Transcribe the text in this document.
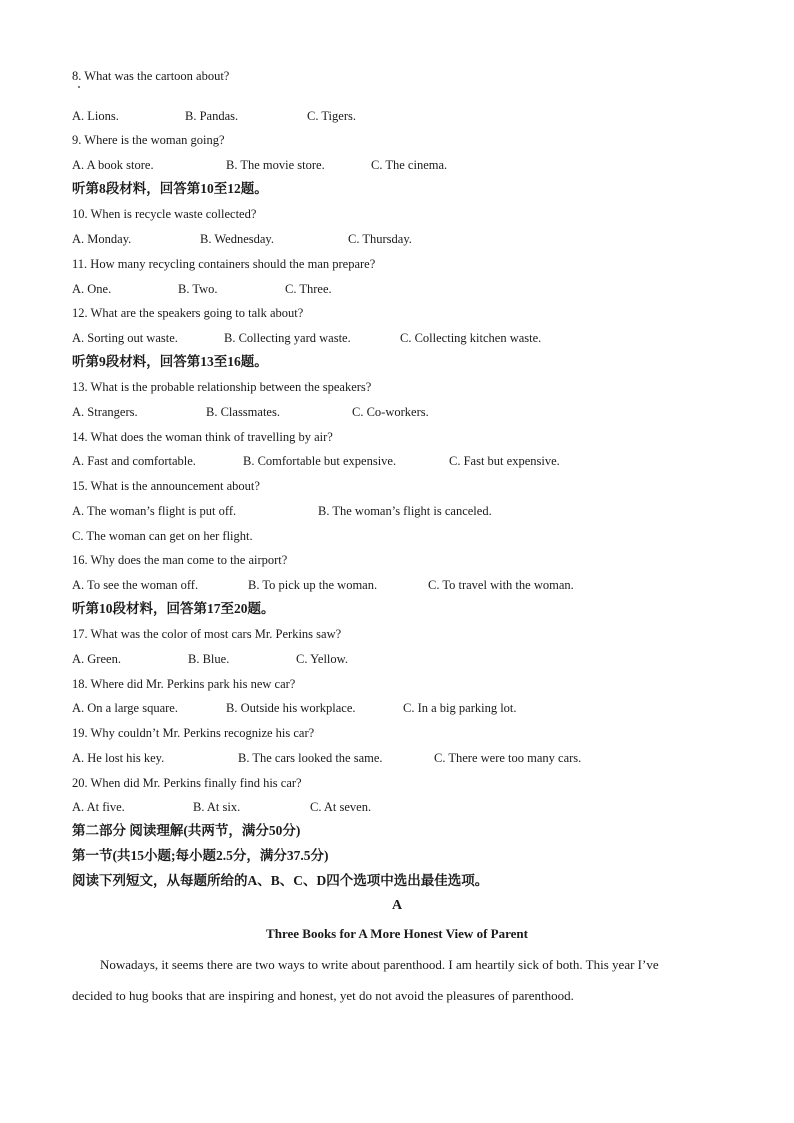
8. What was the cartoon about?
A. Lions.	B. Pandas.	C. Tigers.
9. Where is the woman going?
A. A book store.	B. The movie store.	C. The cinema.
听第8段材料，回答第10至12题。
10. When is recycle waste collected?
A. Monday.	B. Wednesday.	C. Thursday.
11. How many recycling containers should the man prepare?
A. One.	B. Two.	C. Three.
12. What are the speakers going to talk about?
A. Sorting out waste.	B. Collecting yard waste.	C. Collecting kitchen waste.
听第9段材料，回答第13至16题。
13. What is the probable relationship between the speakers?
A. Strangers.	B. Classmates.	C. Co-workers.
14. What does the woman think of travelling by air?
A. Fast and comfortable.	B. Comfortable but expensive.	C. Fast but expensive.
15. What is the announcement about?
A. The woman’s flight is put off.	B. The woman’s flight is canceled.
C. The woman can get on her flight.
16. Why does the man come to the airport?
A. To see the woman off.	B. To pick up the woman.	C. To travel with the woman.
听第10段材料，回答第17至20题。
17. What was the color of most cars Mr. Perkins saw?
A. Green.	B. Blue.	C. Yellow.
18. Where did Mr. Perkins park his new car?
A. On a large square.	B. Outside his workplace.	C. In a big parking lot.
19. Why couldn’t Mr. Perkins recognize his car?
A. He lost his key.	B. The cars looked the same.	C. There were too many cars.
20. When did Mr. Perkins finally find his car?
A. At five.	B. At six.	C. At seven.
第二部分 阅读理解(共两节，满分50分)
第一节(共15小题;每小题2.5分，满分37.5分)
阅读下列短文，从每题所给的A、B、C、D四个选项中选出最佳选项。
A
Three Books for A More Honest View of Parent
Nowadays, it seems there are two ways to write about parenthood. I am heartily sick of both. This year I’ve
decided to hug books that are inspiring and honest, yet do not avoid the pleasures of parenthood.
